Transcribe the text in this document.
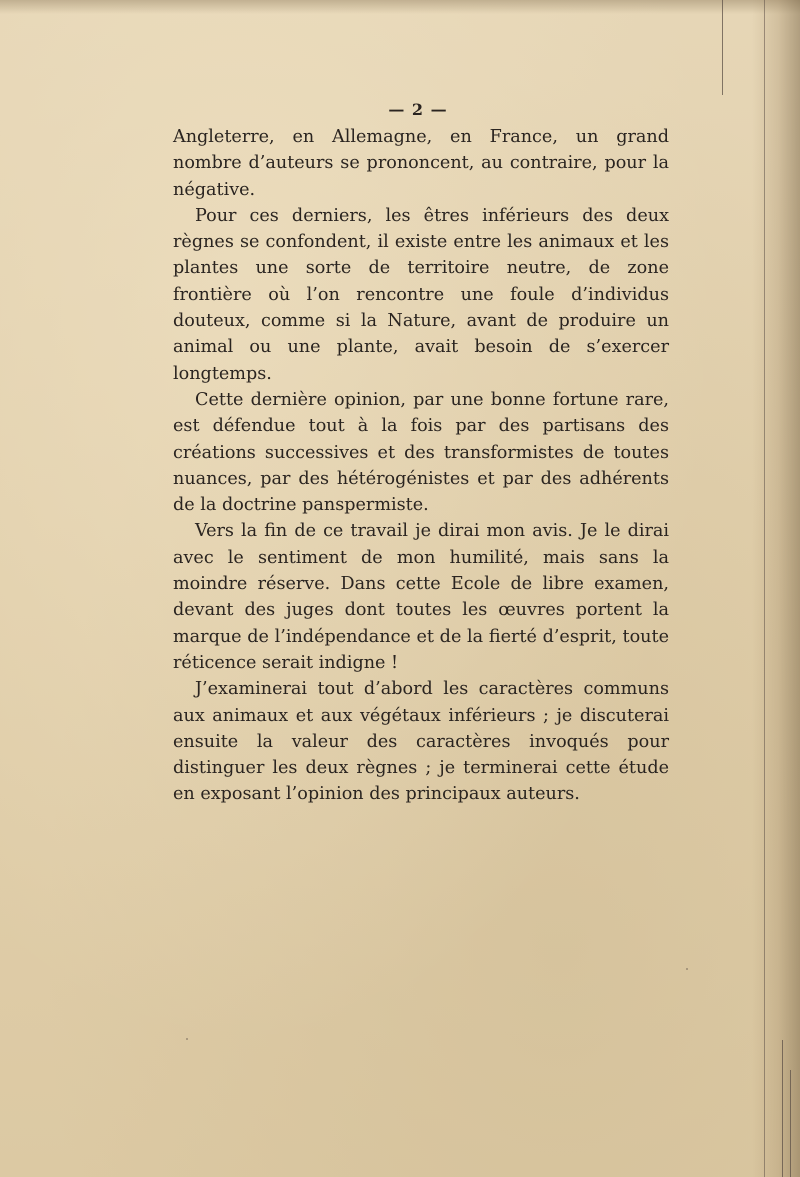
— 2 —

Angleterre, en Allemagne, en France, un grand nombre d’auteurs se prononcent, au contraire, pour la négative.

Pour ces derniers, les êtres inférieurs des deux règnes se confondent, il existe entre les animaux et les plantes une sorte de territoire neutre, de zone frontière où l’on rencontre une foule d’individus douteux, comme si la Nature, avant de produire un animal ou une plante, avait besoin de s’exercer longtemps.

Cette dernière opinion, par une bonne fortune rare, est défendue tout à la fois par des partisans des créations successives et des transformistes de toutes nuances, par des hétérogénistes et par des adhérents de la doctrine panspermiste.

Vers la fin de ce travail je dirai mon avis. Je le dirai avec le sentiment de mon humilité, mais sans la moindre réserve. Dans cette Ecole de libre examen, devant des juges dont toutes les œuvres portent la marque de l’indépendance et de la fierté d’esprit, toute réticence serait indigne !

J’examinerai tout d’abord les caractères communs aux animaux et aux végétaux inférieurs ; je discuterai ensuite la valeur des caractères invoqués pour distinguer les deux règnes ; je terminerai cette étude en exposant l’opinion des principaux auteurs.
